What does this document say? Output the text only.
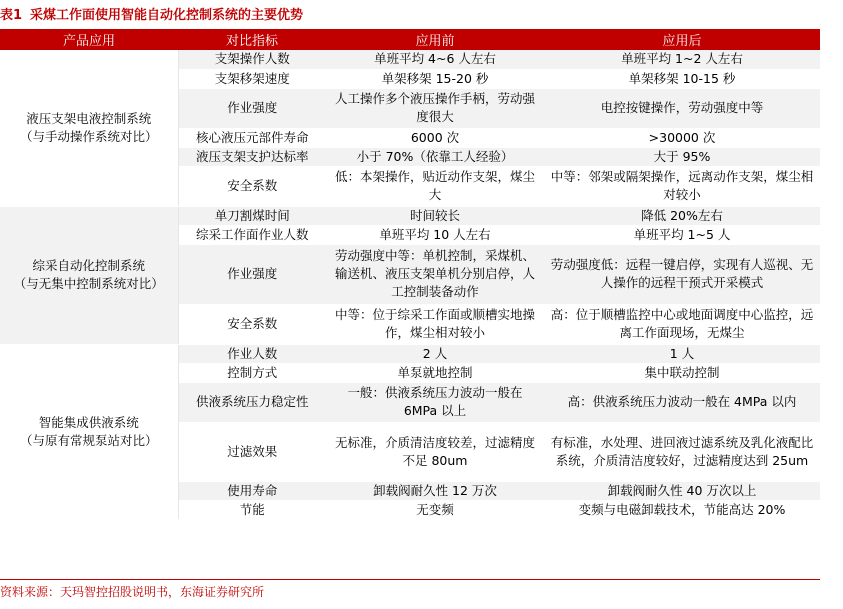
表1 采煤工作面使用智能自动化控制系统的主要优势
产品应用	对比指标	应用前	应用后
液压支架电液控制系统
（与手动操作系统对比）	支架操作人数	单班平均 4~6 人左右	单班平均 1~2 人左右
	支架移架速度	单架移架 15-20 秒	单架移架 10-15 秒
	作业强度	人工操作多个液压操作手柄，劳动强度很大	电控按键操作，劳动强度中等
	核心液压元部件寿命	6000 次	>30000 次
	液压支架支护达标率	小于 70%（依靠工人经验）	大于 95%
	安全系数	低：本架操作，贴近动作支架，煤尘大	中等：邻架或隔架操作，远离动作支架，煤尘相对较小
综采自动化控制系统
（与无集中控制系统对比）	单刀割煤时间	时间较长	降低 20%左右
	综采工作面作业人数	单班平均 10 人左右	单班平均 1~5 人
	作业强度	劳动强度中等：单机控制，采煤机、输送机、液压支架单机分别启停，人工控制装备动作	劳动强度低：远程一键启停，实现有人巡视、无人操作的远程干预式开采模式
	安全系数	中等：位于综采工作面或顺槽实地操作，煤尘相对较小	高：位于顺槽监控中心或地面调度中心监控，远离工作面现场，无煤尘
智能集成供液系统
（与原有常规泵站对比）	作业人数	2 人	1 人
	控制方式	单泵就地控制	集中联动控制
	供液系统压力稳定性	一般：供液系统压力波动一般在 6MPa 以上	高：供液系统压力波动一般在 4MPa 以内
	过滤效果	无标准，介质清洁度较差，过滤精度不足 80um	有标准，水处理、进回液过滤系统及乳化液配比系统，介质清洁度较好，过滤精度达到 25um
	使用寿命	卸载阀耐久性 12 万次	卸载阀耐久性 40 万次以上
	节能	无变频	变频与电磁卸载技术，节能高达 20%
资料来源：天玛智控招股说明书，东海证券研究所
